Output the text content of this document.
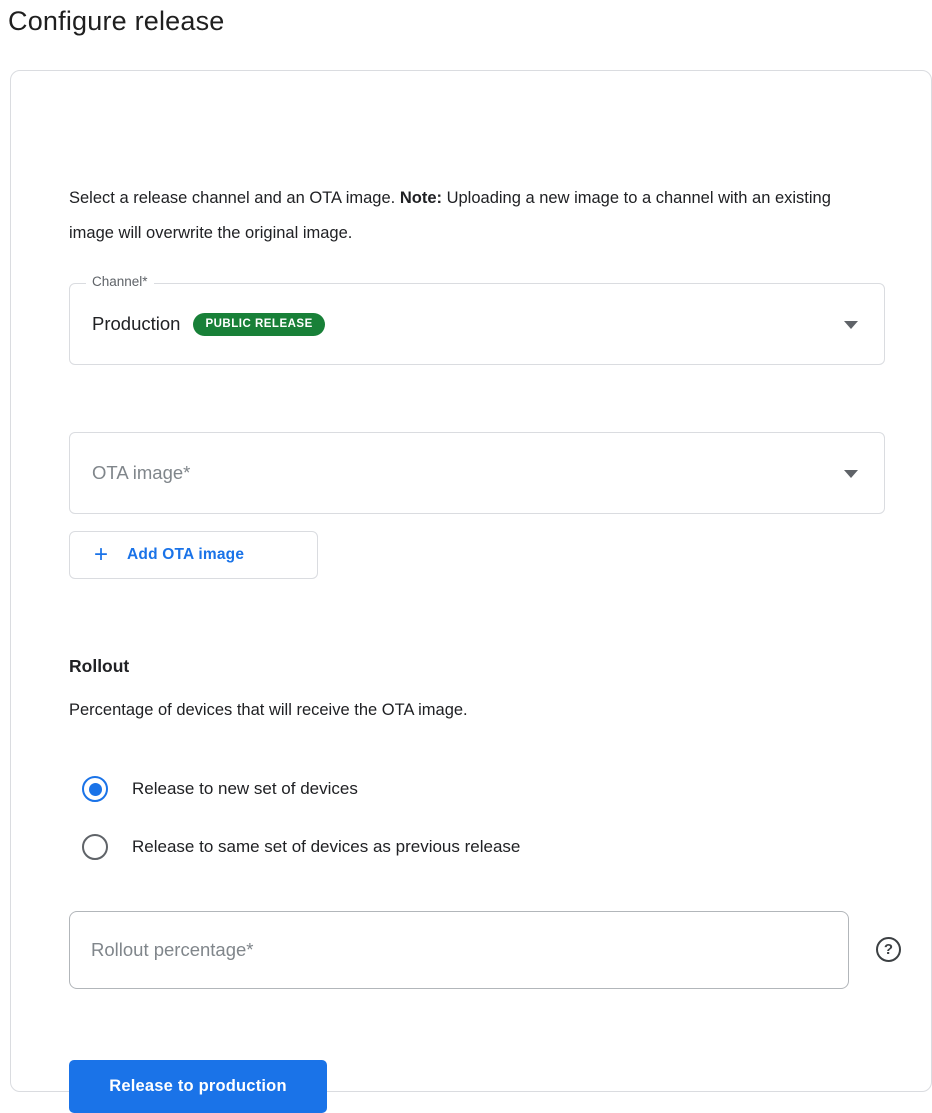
Configure release

Select a release channel and an OTA image. Note: Uploading a new image to a channel with an existing image will overwrite the original image.

Channel*
Production	PUBLIC RELEASE
OTA image*
+ Add OTA image
Rollout
Percentage of devices that will receive the OTA image.
Release to new set of devices
Release to same set of devices as previous release
Rollout percentage*
?
Release to production
